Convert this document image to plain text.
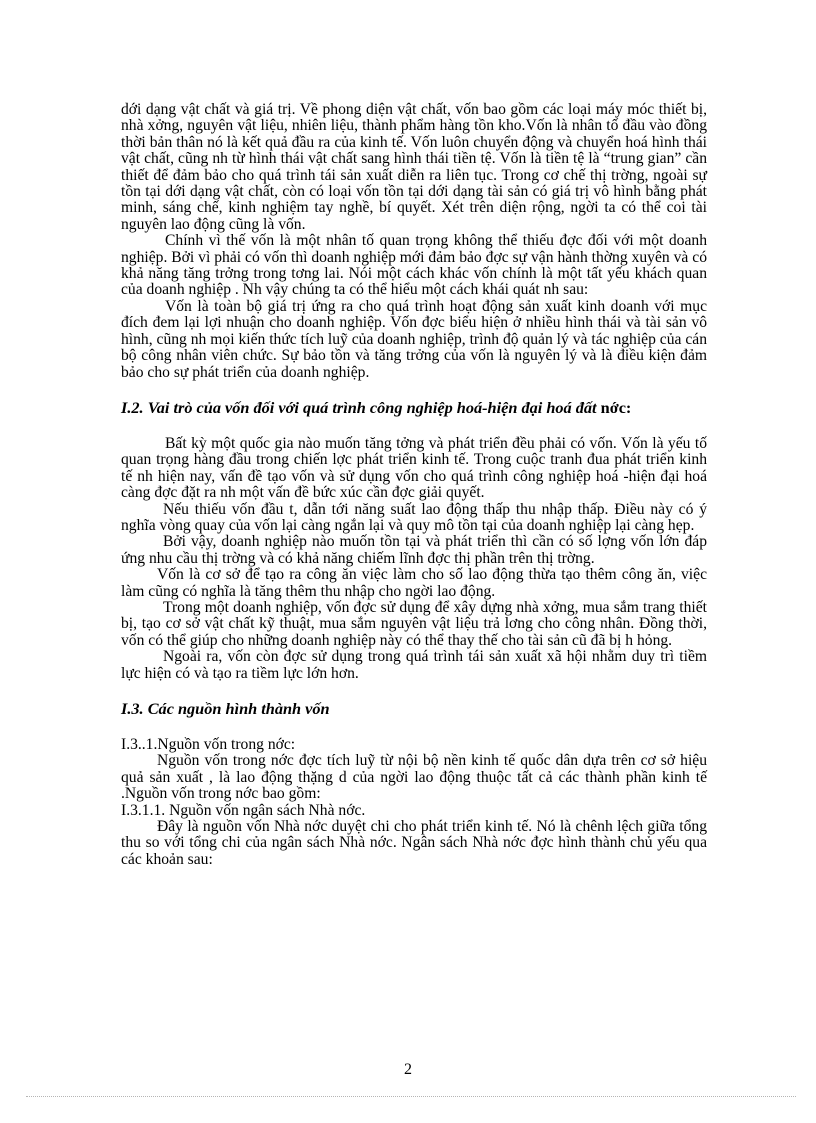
dới dạng vật chất và giá trị. Về phong diện vật chất, vốn bao gồm các loại máy móc thiết bị, nhà xởng, nguyên vật liệu, nhiên liệu, thành phẩm hàng tồn kho.Vốn là nhân tố đầu vào đồng thời bản thân nó là kết quả đầu ra của kinh tế. Vốn luôn chuyển động và chuyển hoá hình thái vật chất, cũng nh từ hình thái vật chất sang hình thái tiền tệ. Vốn là tiền tệ là “trung gian” cần thiết để đảm bảo cho quá trình tái sản xuất diễn ra liên tục. Trong cơ chế thị trờng, ngoài sự tồn tại dới dạng vật chất, còn có loại vốn tồn tại dới dạng tài sản có giá trị vô hình bằng phát minh, sáng chế, kinh nghiệm tay nghề, bí quyết. Xét trên diện rộng, ngời ta có thể coi tài nguyên lao động cũng là vốn.

Chính vì thế vốn là một nhân tố quan trọng không thể thiếu đợc đối với một doanh nghiệp. Bởi vì phải có vốn thì doanh nghiệp mới đảm bảo đợc sự vận hành thờng xuyên và có khả năng tăng trởng trong tơng lai. Nói một cách khác vốn chính là một tất yếu khách quan của doanh nghiệp . Nh vậy chúng ta có thể hiểu một cách khái quát nh sau:

Vốn là toàn bộ giá trị ứng ra cho quá trình hoạt động sản xuất kinh doanh với mục đích đem lại lợi nhuận cho doanh nghiệp. Vốn đợc biểu hiện ở nhiều hình thái và tài sản vô hình, cũng nh mọi kiến thức tích luỹ của doanh nghiệp, trình độ quản lý và tác nghiệp của cán bộ công nhân viên chức. Sự bảo tồn và tăng trởng của vốn là nguyên lý và là điều kiện đảm bảo cho sự phát triển của doanh nghiệp.

I.2. Vai trò của vốn đối với quá trình công nghiệp hoá-hiện đại hoá đất nớc:

Bất kỳ một quốc gia nào muốn tăng tởng và phát triển đều phải có vốn. Vốn là yếu tố quan trọng hàng đầu trong chiến lợc phát triển kinh tế. Trong cuộc tranh đua phát triển kinh tế nh hiện nay, vấn đề tạo vốn và sử dụng vốn cho quá trình công nghiệp hoá -hiện đại hoá càng đợc đặt ra nh một vấn đề bức xúc cần đợc giải quyết.

Nếu thiếu vốn đầu t, dẫn tới năng suất lao động thấp thu nhập thấp. Điều này có ý nghĩa vòng quay của vốn lại càng ngắn lại và quy mô tồn tại của doanh nghiệp lại càng hẹp.

Bởi vậy, doanh nghiệp nào muốn tồn tại và phát triển thì cần có số lợng vốn lớn đáp ứng nhu cầu thị trờng và có khả năng chiếm lĩnh đợc thị phần trên thị trờng.

Vốn là cơ sở để tạo ra công ăn việc làm cho số lao động thừa tạo thêm công ăn, việc làm cũng có nghĩa là tăng thêm thu nhập cho ngời lao động.

Trong một doanh nghiệp, vốn đợc sử dụng để xây dựng nhà xởng, mua sắm trang thiết bị, tạo cơ sở vật chất kỹ thuật, mua sắm nguyên vật liệu trả lơng cho công nhân. Đồng thời, vốn có thể giúp cho những doanh nghiệp này có thể thay thế cho tài sản cũ đã bị h hỏng.

Ngoài ra, vốn còn đợc sử dụng trong quá trình tái sản xuất xã hội nhằm duy trì tiềm lực hiện có và tạo ra tiềm lực lớn hơn.

I.3. Các nguồn hình thành vốn

I.3..1.Nguồn vốn trong nớc:

Nguồn vốn trong nớc đợc tích luỹ từ nội bộ nền kinh tế quốc dân dựa trên cơ sở hiệu quả sản xuất , là lao động thặng d của ngời lao động thuộc tất cả các thành phần kinh tế .Nguồn vốn trong nớc bao gồm:

I.3.1.1. Nguồn vốn ngân sách Nhà nớc.

Đây là nguồn vốn Nhà nớc duyệt chi cho phát triển kinh tế. Nó là chênh lệch giữa tổng thu so với tổng chi của ngân sách Nhà nớc. Ngân sách Nhà nớc đợc hình thành chủ yếu qua các khoản sau:

2
